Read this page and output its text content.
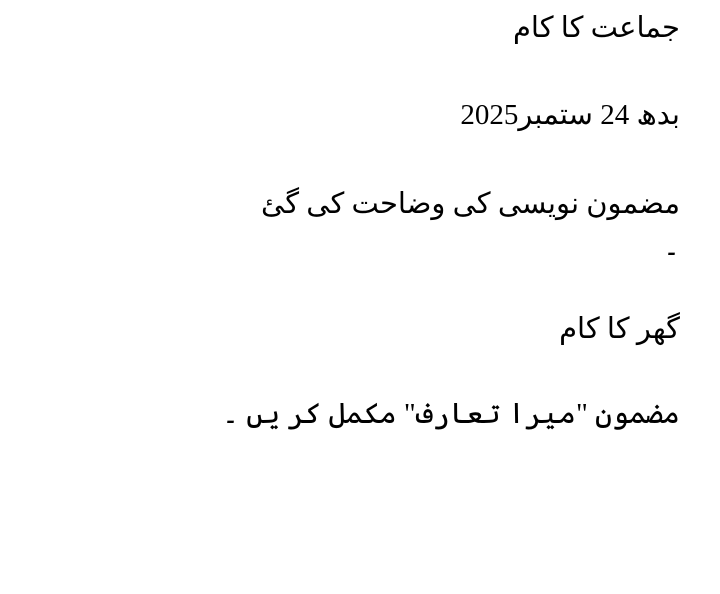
جماعت کا کام

بدھ 24 ستمبر2025

مضمون نویسی کی وضاحت کی گئ

۔

گھر کا کام

مضمون "میرا تعارف" مکمل کر یں ۔
